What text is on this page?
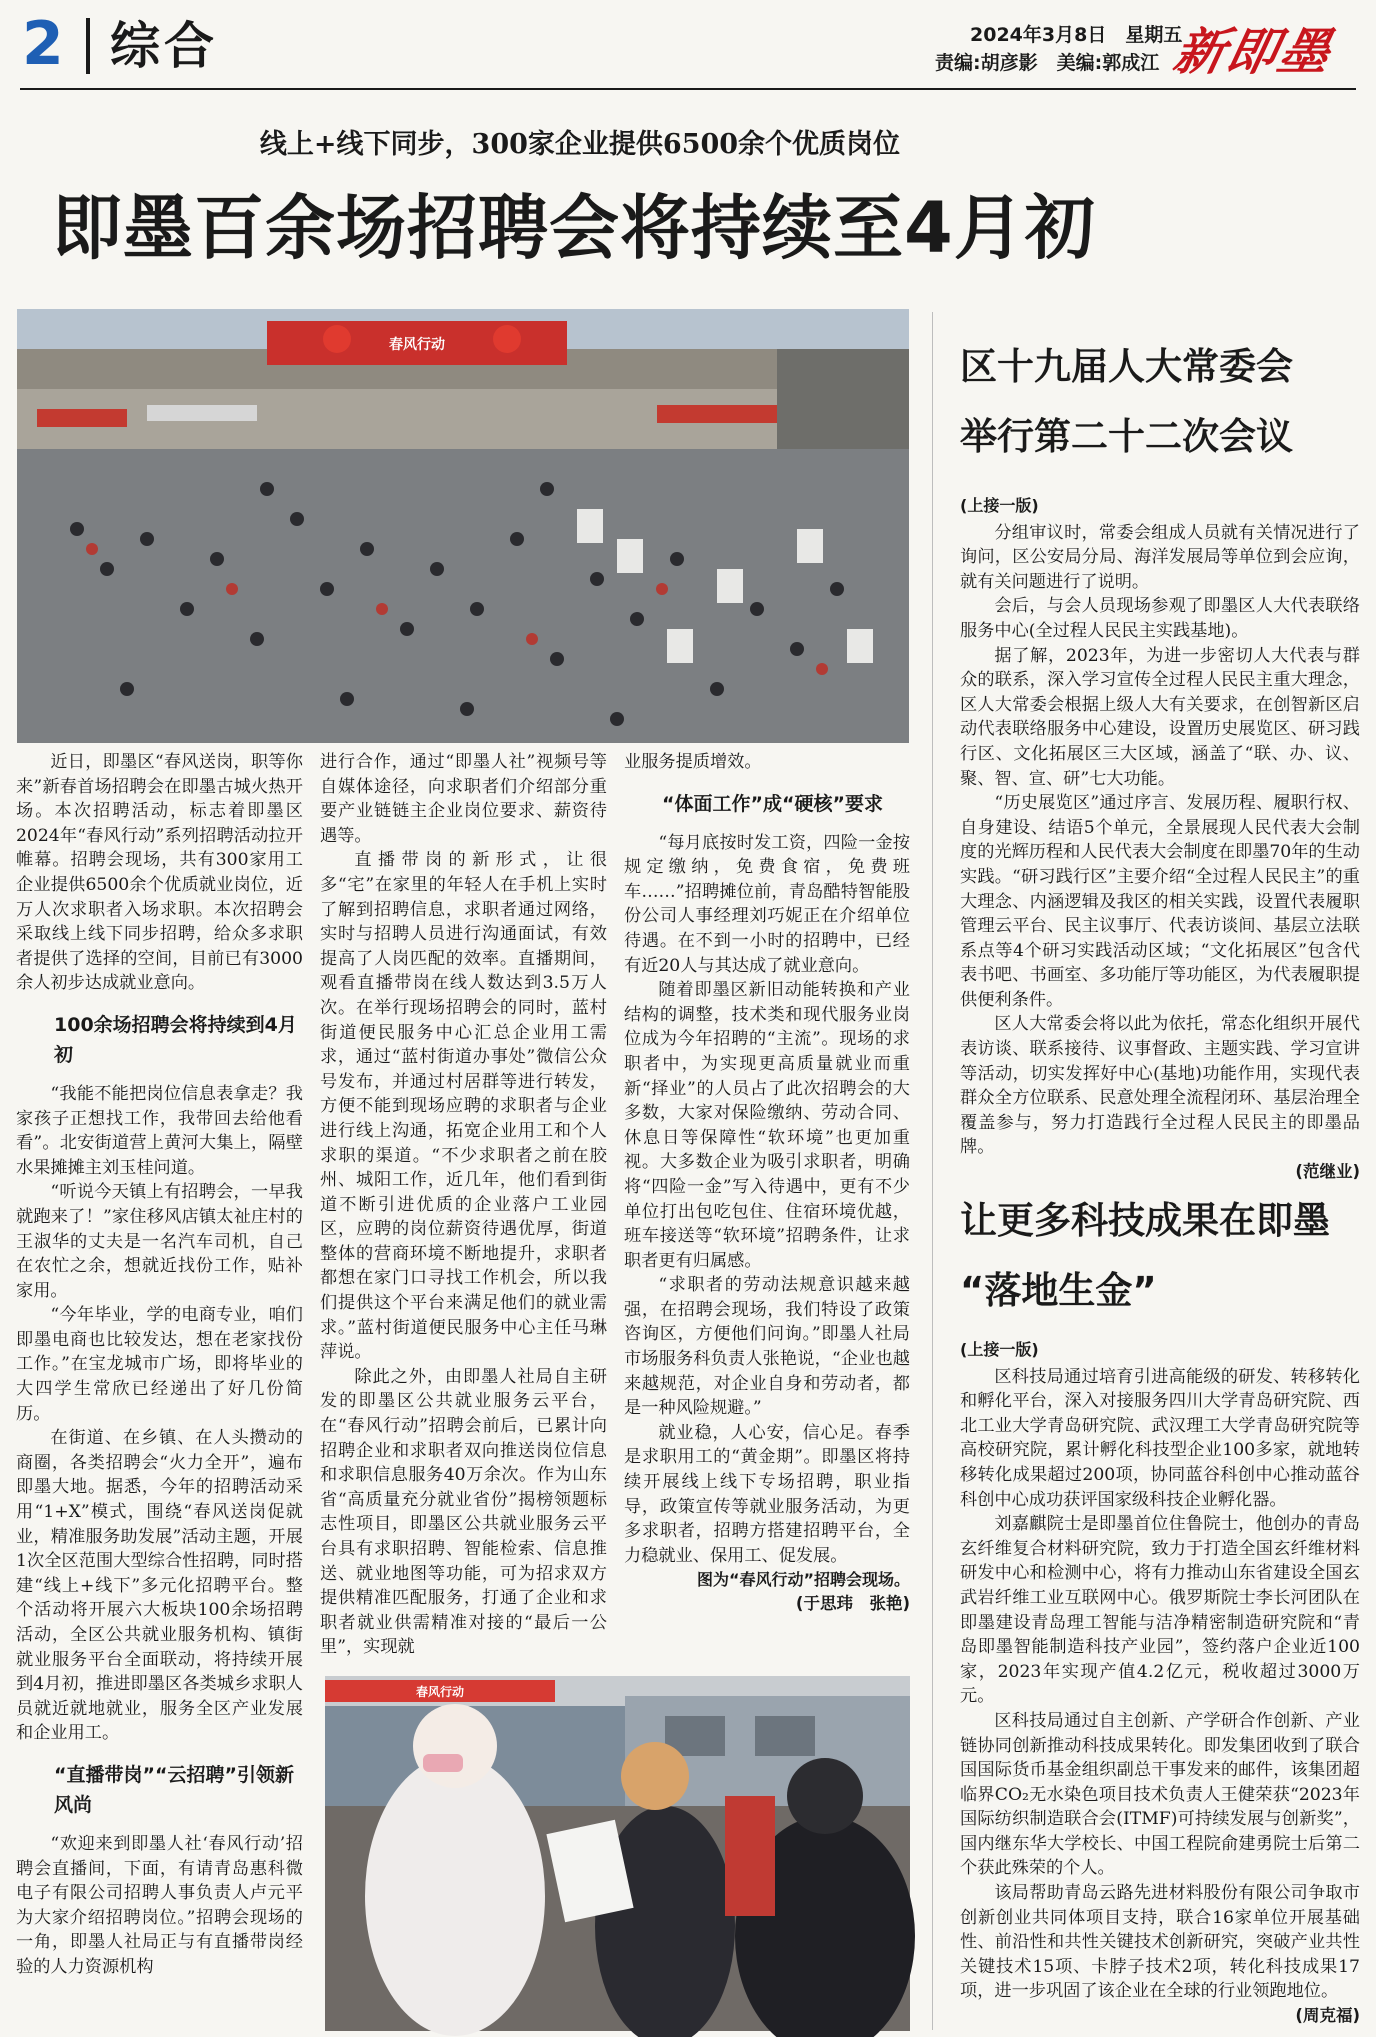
2 综合	2024年3月8日　星期五
责编:胡彦影　美编:郭成江 新即墨
线上+线下同步，300家企业提供6500余个优质岗位
即墨百余场招聘会将持续至4月初
春风行动

近日，即墨区“春风送岗，职等你来”新春首场招聘会在即墨古城火热开场。本次招聘活动，标志着即墨区2024年“春风行动”系列招聘活动拉开帷幕。招聘会现场，共有300家用工企业提供6500余个优质就业岗位，近万人次求职者入场求职。本次招聘会采取线上线下同步招聘，给众多求职者提供了选择的空间，目前已有3000余人初步达成就业意向。

100余场招聘会将持续到4月初

“我能不能把岗位信息表拿走？我家孩子正想找工作，我带回去给他看看”。北安街道营上黄河大集上，隔壁水果摊摊主刘玉桂问道。

“听说今天镇上有招聘会，一早我就跑来了！”家住移风店镇太祉庄村的王淑华的丈夫是一名汽车司机，自己在农忙之余，想就近找份工作，贴补家用。

“今年毕业，学的电商专业，咱们即墨电商也比较发达，想在老家找份工作。”在宝龙城市广场，即将毕业的大四学生常欣已经递出了好几份简历。

在街道、在乡镇、在人头攒动的商圈，各类招聘会“火力全开”，遍布即墨大地。据悉，今年的招聘活动采用“1+X”模式，围绕“春风送岗促就业，精准服务助发展”活动主题，开展1次全区范围大型综合性招聘，同时搭建“线上+线下”多元化招聘平台。整个活动将开展六大板块100余场招聘活动，全区公共就业服务机构、镇街就业服务平台全面联动，将持续开展到4月初，推进即墨区各类城乡求职人员就近就地就业，服务全区产业发展和企业用工。

“直播带岗”“云招聘”引领新风尚

“欢迎来到即墨人社‘春风行动’招聘会直播间，下面，有请青岛惠科微电子有限公司招聘人事负责人卢元平为大家介绍招聘岗位。”招聘会现场的一角，即墨人社局正与有直播带岗经验的人力资源机构

进行合作，通过“即墨人社”视频号等自媒体途径，向求职者们介绍部分重要产业链链主企业岗位要求、薪资待遇等。

直播带岗的新形式，让很多“宅”在家里的年轻人在手机上实时了解到招聘信息，求职者通过网络，实时与招聘人员进行沟通面试，有效提高了人岗匹配的效率。直播期间，观看直播带岗在线人数达到3.5万人次。在举行现场招聘会的同时，蓝村街道便民服务中心汇总企业用工需求，通过“蓝村街道办事处”微信公众号发布，并通过村居群等进行转发，方便不能到现场应聘的求职者与企业进行线上沟通，拓宽企业用工和个人求职的渠道。“不少求职者之前在胶州、城阳工作，近几年，他们看到街道不断引进优质的企业落户工业园区，应聘的岗位薪资待遇优厚，街道整体的营商环境不断地提升，求职者都想在家门口寻找工作机会，所以我们提供这个平台来满足他们的就业需求。”蓝村街道便民服务中心主任马琳萍说。

除此之外，由即墨人社局自主研发的即墨区公共就业服务云平台，在“春风行动”招聘会前后，已累计向招聘企业和求职者双向推送岗位信息和求职信息服务40万余次。作为山东省“高质量充分就业省份”揭榜领题标志性项目，即墨区公共就业服务云平台具有求职招聘、智能检索、信息推送、就业地图等功能，可为招求双方提供精准匹配服务，打通了企业和求职者就业供需精准对接的“最后一公里”，实现就

业服务提质增效。

“体面工作”成“硬核”要求

“每月底按时发工资，四险一金按规定缴纳，免费食宿，免费班车……”招聘摊位前，青岛酷特智能股份公司人事经理刘巧妮正在介绍单位待遇。在不到一小时的招聘中，已经有近20人与其达成了就业意向。

随着即墨区新旧动能转换和产业结构的调整，技术类和现代服务业岗位成为今年招聘的“主流”。现场的求职者中，为实现更高质量就业而重新“择业”的人员占了此次招聘会的大多数，大家对保险缴纳、劳动合同、休息日等保障性“软环境”也更加重视。大多数企业为吸引求职者，明确将“四险一金”写入待遇中，更有不少单位打出包吃包住、住宿环境优越，班车接送等“软环境”招聘条件，让求职者更有归属感。

“求职者的劳动法规意识越来越强，在招聘会现场，我们特设了政策咨询区，方便他们问询。”即墨人社局市场服务科负责人张艳说，“企业也越来越规范，对企业自身和劳动者，都是一种风险规避。”

就业稳，人心安，信心足。春季是求职用工的“黄金期”。即墨区将持续开展线上线下专场招聘，职业指导，政策宣传等就业服务活动，为更多求职者，招聘方搭建招聘平台，全力稳就业、保用工、促发展。

图为“春风行动”招聘会现场。
(于思玮　张艳)
春风行动
区十九届人大常委会
举行第二十二次会议
(上接一版)

分组审议时，常委会组成人员就有关情况进行了询问，区公安局分局、海洋发展局等单位到会应询，就有关问题进行了说明。

会后，与会人员现场参观了即墨区人大代表联络服务中心(全过程人民民主实践基地)。

据了解，2023年，为进一步密切人大代表与群众的联系，深入学习宣传全过程人民民主重大理念，区人大常委会根据上级人大有关要求，在创智新区启动代表联络服务中心建设，设置历史展览区、研习践行区、文化拓展区三大区域，涵盖了“联、办、议、聚、智、宣、研”七大功能。

“历史展览区”通过序言、发展历程、履职行权、自身建设、结语5个单元，全景展现人民代表大会制度的光辉历程和人民代表大会制度在即墨70年的生动实践。“研习践行区”主要介绍“全过程人民民主”的重大理念、内涵逻辑及我区的相关实践，设置代表履职管理云平台、民主议事厅、代表访谈间、基层立法联系点等4个研习实践活动区域；“文化拓展区”包含代表书吧、书画室、多功能厅等功能区，为代表履职提供便利条件。

区人大常委会将以此为依托，常态化组织开展代表访谈、联系接待、议事督政、主题实践、学习宣讲等活动，切实发挥好中心(基地)功能作用，实现代表群众全方位联系、民意处理全流程闭环、基层治理全覆盖参与，努力打造践行全过程人民民主的即墨品牌。

(范继业)
让更多科技成果在即墨
“落地生金”
(上接一版)

区科技局通过培育引进高能级的研发、转移转化和孵化平台，深入对接服务四川大学青岛研究院、西北工业大学青岛研究院、武汉理工大学青岛研究院等高校研究院，累计孵化科技型企业100多家，就地转移转化成果超过200项，协同蓝谷科创中心推动蓝谷科创中心成功获评国家级科技企业孵化器。

刘嘉麒院士是即墨首位住鲁院士，他创办的青岛玄纤维复合材料研究院，致力于打造全国玄纤维材料研发中心和检测中心，将有力推动山东省建设全国玄武岩纤维工业互联网中心。俄罗斯院士李长河团队在即墨建设青岛理工智能与洁净精密制造研究院和“青岛即墨智能制造科技产业园”，签约落户企业近100家，2023年实现产值4.2亿元，税收超过3000万元。

区科技局通过自主创新、产学研合作创新、产业链协同创新推动科技成果转化。即发集团收到了联合国国际货币基金组织副总干事发来的邮件，该集团超临界CO₂无水染色项目技术负责人王健荣获“2023年国际纺织制造联合会(ITMF)可持续发展与创新奖”，国内继东华大学校长、中国工程院俞建勇院士后第二个获此殊荣的个人。

该局帮助青岛云路先进材料股份有限公司争取市创新创业共同体项目支持，联合16家单位开展基础性、前沿性和共性关键技术创新研究，突破产业共性关键技术15项、卡脖子技术2项，转化科技成果17项，进一步巩固了该企业在全球的行业领跑地位。

(周克福)
